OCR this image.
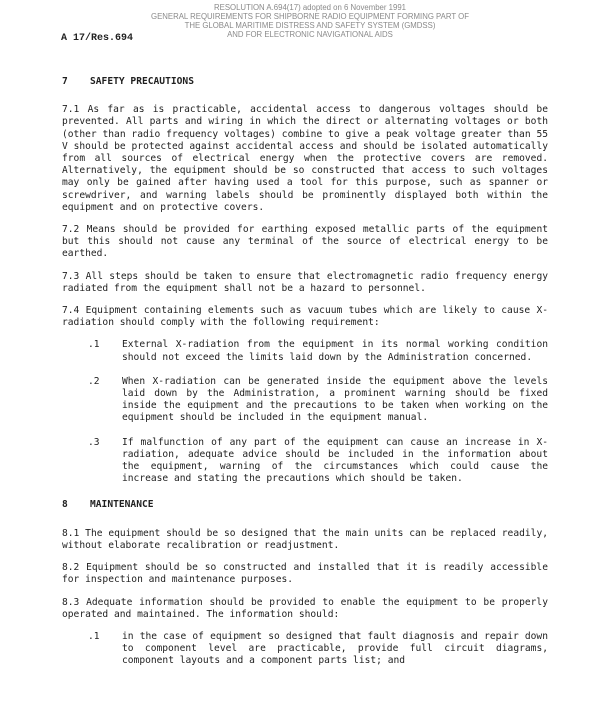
RESOLUTION A.694(17) adopted on 6 November 1991
GENERAL REQUIREMENTS FOR SHIPBORNE RADIO EQUIPMENT FORMING PART OF
THE GLOBAL MARITIME DISTRESS AND SAFETY SYSTEM (GMDSS)
AND FOR ELECTRONIC NAVIGATIONAL AIDS
A 17/Res.694
7 SAFETY PRECAUTIONS
7.1 As far as is practicable, accidental access to dangerous voltages should be prevented. All parts and wiring in which the direct or alternating voltages or both (other than radio frequency voltages) combine to give a peak voltage greater than 55 V should be protected against accidental access and should be isolated automatically from all sources of electrical energy when the protective covers are removed. Alternatively, the equipment should be so constructed that access to such voltages may only be gained after having used a tool for this purpose, such as spanner or screwdriver, and warning labels should be prominently displayed both within the equipment and on protective covers.
7.2 Means should be provided for earthing exposed metallic parts of the equipment but this should not cause any terminal of the source of electrical energy to be earthed.
7.3 All steps should be taken to ensure that electromagnetic radio frequency energy radiated from the equipment shall not be a hazard to personnel.
7.4 Equipment containing elements such as vacuum tubes which are likely to cause X-radiation should comply with the following requirement:
.1 External X-radiation from the equipment in its normal working condition should not exceed the limits laid down by the Administration concerned.
.2 When X-radiation can be generated inside the equipment above the levels laid down by the Administration, a prominent warning should be fixed inside the equipment and the precautions to be taken when working on the equipment should be included in the equipment manual.
.3 If malfunction of any part of the equipment can cause an increase in X-radiation, adequate advice should be included in the information about the equipment, warning of the circumstances which could cause the increase and stating the precautions which should be taken.
8 MAINTENANCE
8.1 The equipment should be so designed that the main units can be replaced readily, without elaborate recalibration or readjustment.
8.2 Equipment should be so constructed and installed that it is readily accessible for inspection and maintenance purposes.
8.3 Adequate information should be provided to enable the equipment to be properly operated and maintained. The information should:
.1 in the case of equipment so designed that fault diagnosis and repair down to component level are practicable, provide full circuit diagrams, component layouts and a component parts list; and
